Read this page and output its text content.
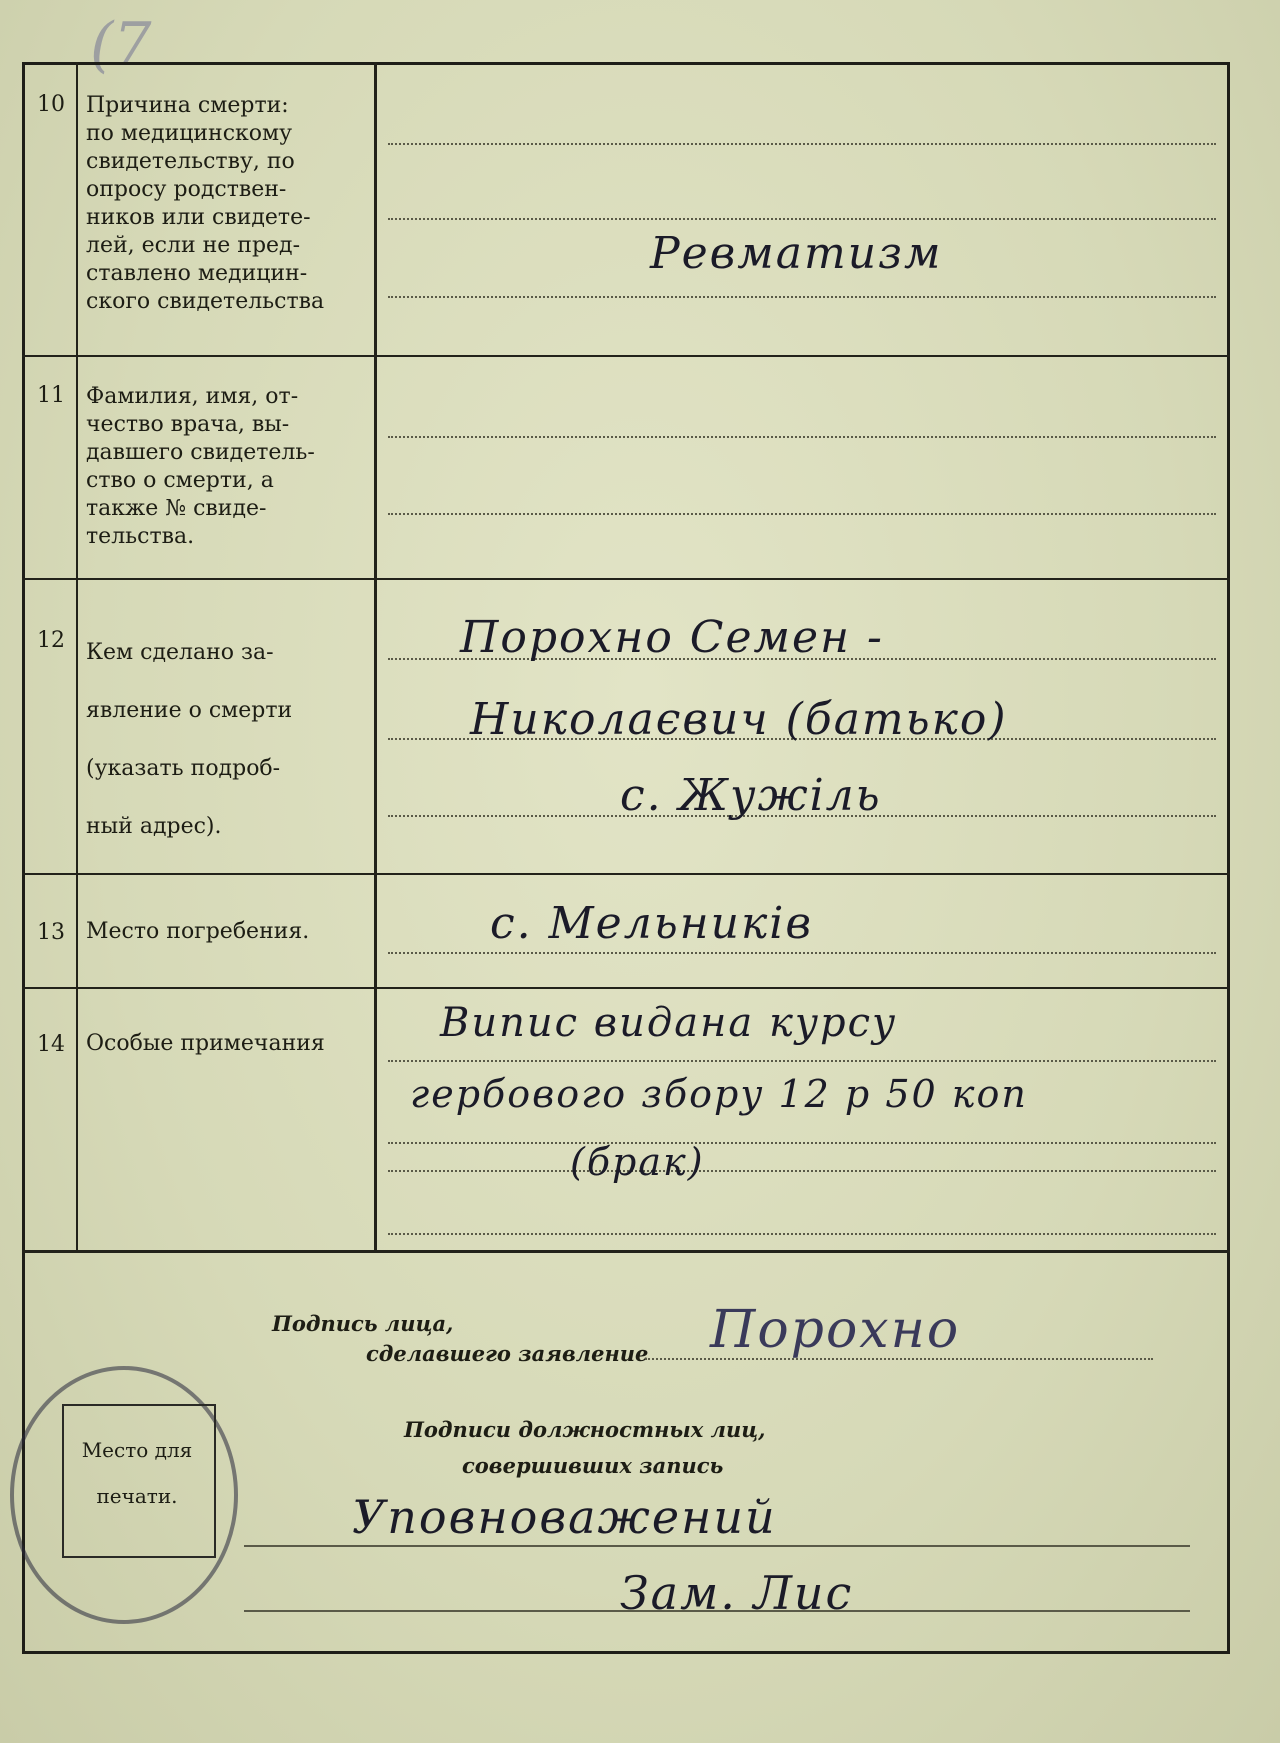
(7
10 Причина смерти:
по медицинскому
свидетельству, по
опросу родствен-
ников или свидете-
лей, если не пред-
ставлено медицин-
ского свидетельства
Ревматизм
11 Фамилия, имя, от-
чество врача, вы-
давшего свидетель-
ство о смерти, а
также № свиде-
тельства.
12 Кем сделано за-
явление о смерти
(указать подроб-
ный адрес).
Порохно Семен -
Николаєвич (батько)
с. Жужіль
13 Место погребения.	с. Мельників
14 Особые примечания	Випис видана курсу
гербового збору 12 р 50 коп
(брак)
Подпись лица,
сделавшего заявление Порохно
Подписи должностных лиц,
совершивших запись
Уповноважений
Зам. Лис
Место для
печати.
